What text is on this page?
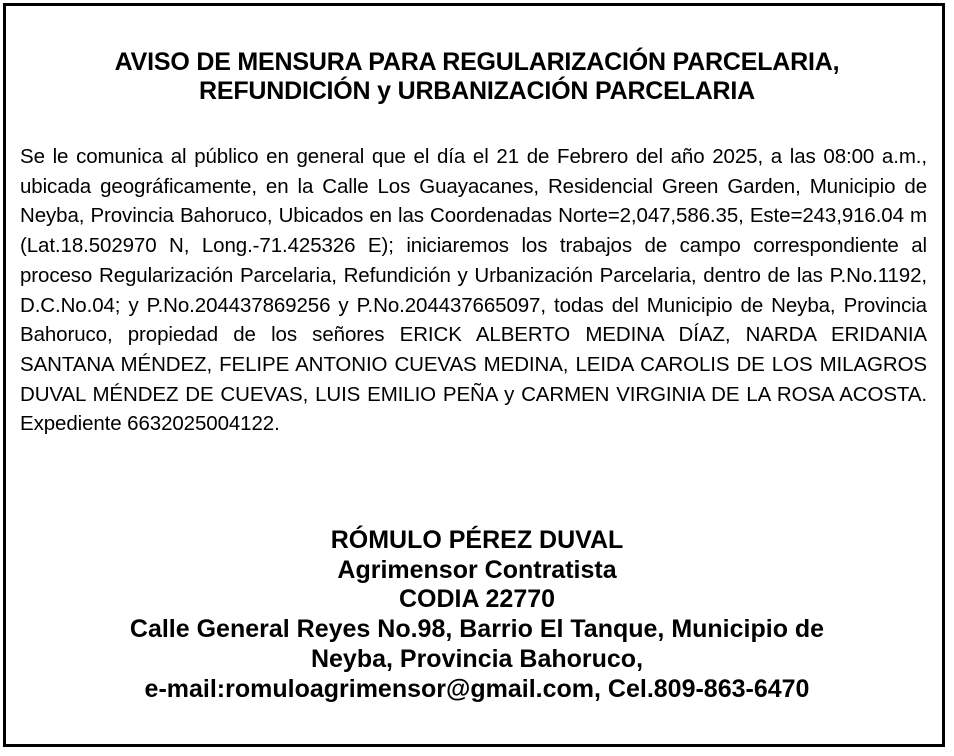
AVISO DE MENSURA PARA REGULARIZACIÓN PARCELARIA,
REFUNDICIÓN y URBANIZACIÓN PARCELARIA
Se le comunica al público en general que el día el 21 de Febrero del año 2025, a las 08:00 a.m., ubicada geográficamente, en la Calle Los Guayacanes, Residencial Green Garden, Municipio de Neyba, Provincia Bahoruco, Ubicados en las Coordenadas Norte=2,047,586.35, Este=243,916.04 m (Lat.18.502970 N, Long.-71.425326 E); iniciaremos los trabajos de campo correspondiente al proceso Regularización Parcelaria, Refundición y Urbanización Parcelaria, dentro de las P.No.1192, D.C.No.04; y P.No.204437869256 y P.No.204437665097, todas del Municipio de Neyba, Provincia Bahoruco, propiedad de los señores ERICK ALBERTO MEDINA DÍAZ, NARDA ERIDANIA SANTANA MÉNDEZ, FELIPE ANTONIO CUEVAS MEDINA, LEIDA CAROLIS DE LOS MILAGROS DUVAL MÉNDEZ DE CUEVAS, LUIS EMILIO PEÑA y CARMEN VIRGINIA DE LA ROSA ACOSTA. Expediente 6632025004122.
RÓMULO PÉREZ DUVAL
Agrimensor Contratista
CODIA 22770
Calle General Reyes No.98, Barrio El Tanque, Municipio de
Neyba, Provincia Bahoruco,
e-mail:romuloagrimensor@gmail.com, Cel.809-863-6470
